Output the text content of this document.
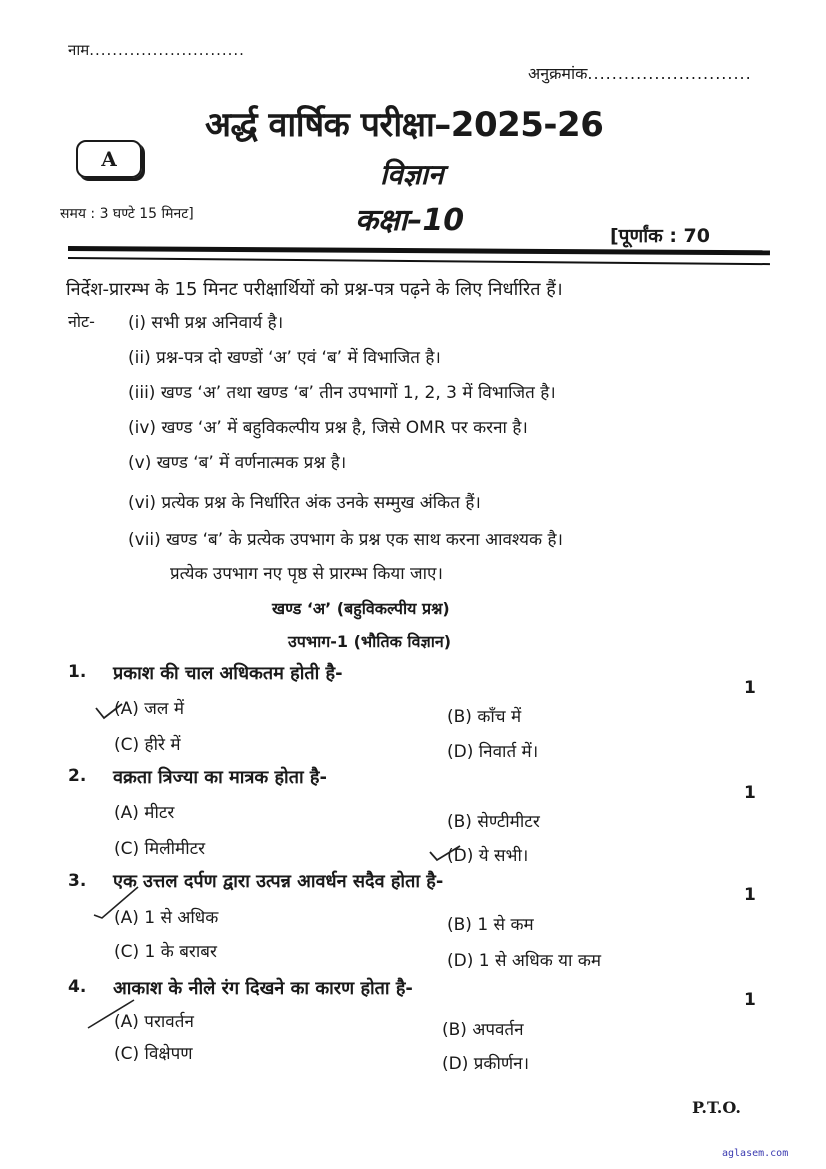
नाम...........................
अनुक्रमांक...........................
अर्द्ध वार्षिक परीक्षा–2025-26
A	विज्ञान
समय : 3 घण्टे 15 मिनट]	कक्षा–10	[पूर्णांक : 70
निर्देश-प्रारम्भ के 15 मिनट परीक्षार्थियों को प्रश्न-पत्र पढ़ने के लिए निर्धारित हैं।
नोट- (i) सभी प्रश्न अनिवार्य है।
(ii) प्रश्न-पत्र दो खण्डों ‘अ’ एवं ‘ब’ में विभाजित है।
(iii) खण्ड ‘अ’ तथा खण्ड ‘ब’ तीन उपभागों 1, 2, 3 में विभाजित है।
(iv) खण्ड ‘अ’ में बहुविकल्पीय प्रश्न है, जिसे OMR पर करना है।
(v) खण्ड ‘ब’ में वर्णनात्मक प्रश्न है।
(vi) प्रत्येक प्रश्न के निर्धारित अंक उनके सम्मुख अंकित हैं।
(vii) खण्ड ‘ब’ के प्रत्येक उपभाग के प्रश्न एक साथ करना आवश्यक है।
प्रत्येक उपभाग नए पृष्ठ से प्रारम्भ किया जाए।
खण्ड ‘अ’ (बहुविकल्पीय प्रश्न)
उपभाग-1 (भौतिक विज्ञान)
1. प्रकाश की चाल अधिकतम होती है-
1
(A) जल में	(B) काँच में
(C) हीरे में	(D) निवार्त में।
2. वक्रता त्रिज्या का मात्रक होता है-
1
(A) मीटर	(B) सेण्टीमीटर
(C) मिलीमीटर	(D) ये सभी।
3. एक उत्तल दर्पण द्वारा उत्पन्न आवर्धन सदैव होता है-
1
(A) 1 से अधिक	(B) 1 से कम
(C) 1 के बराबर	(D) 1 से अधिक या कम
4. आकाश के नीले रंग दिखने का कारण होता है-
1
(A) परावर्तन	(B) अपवर्तन
(C) विक्षेपण	(D) प्रकीर्णन।
P.T.O.
aglasem.com
